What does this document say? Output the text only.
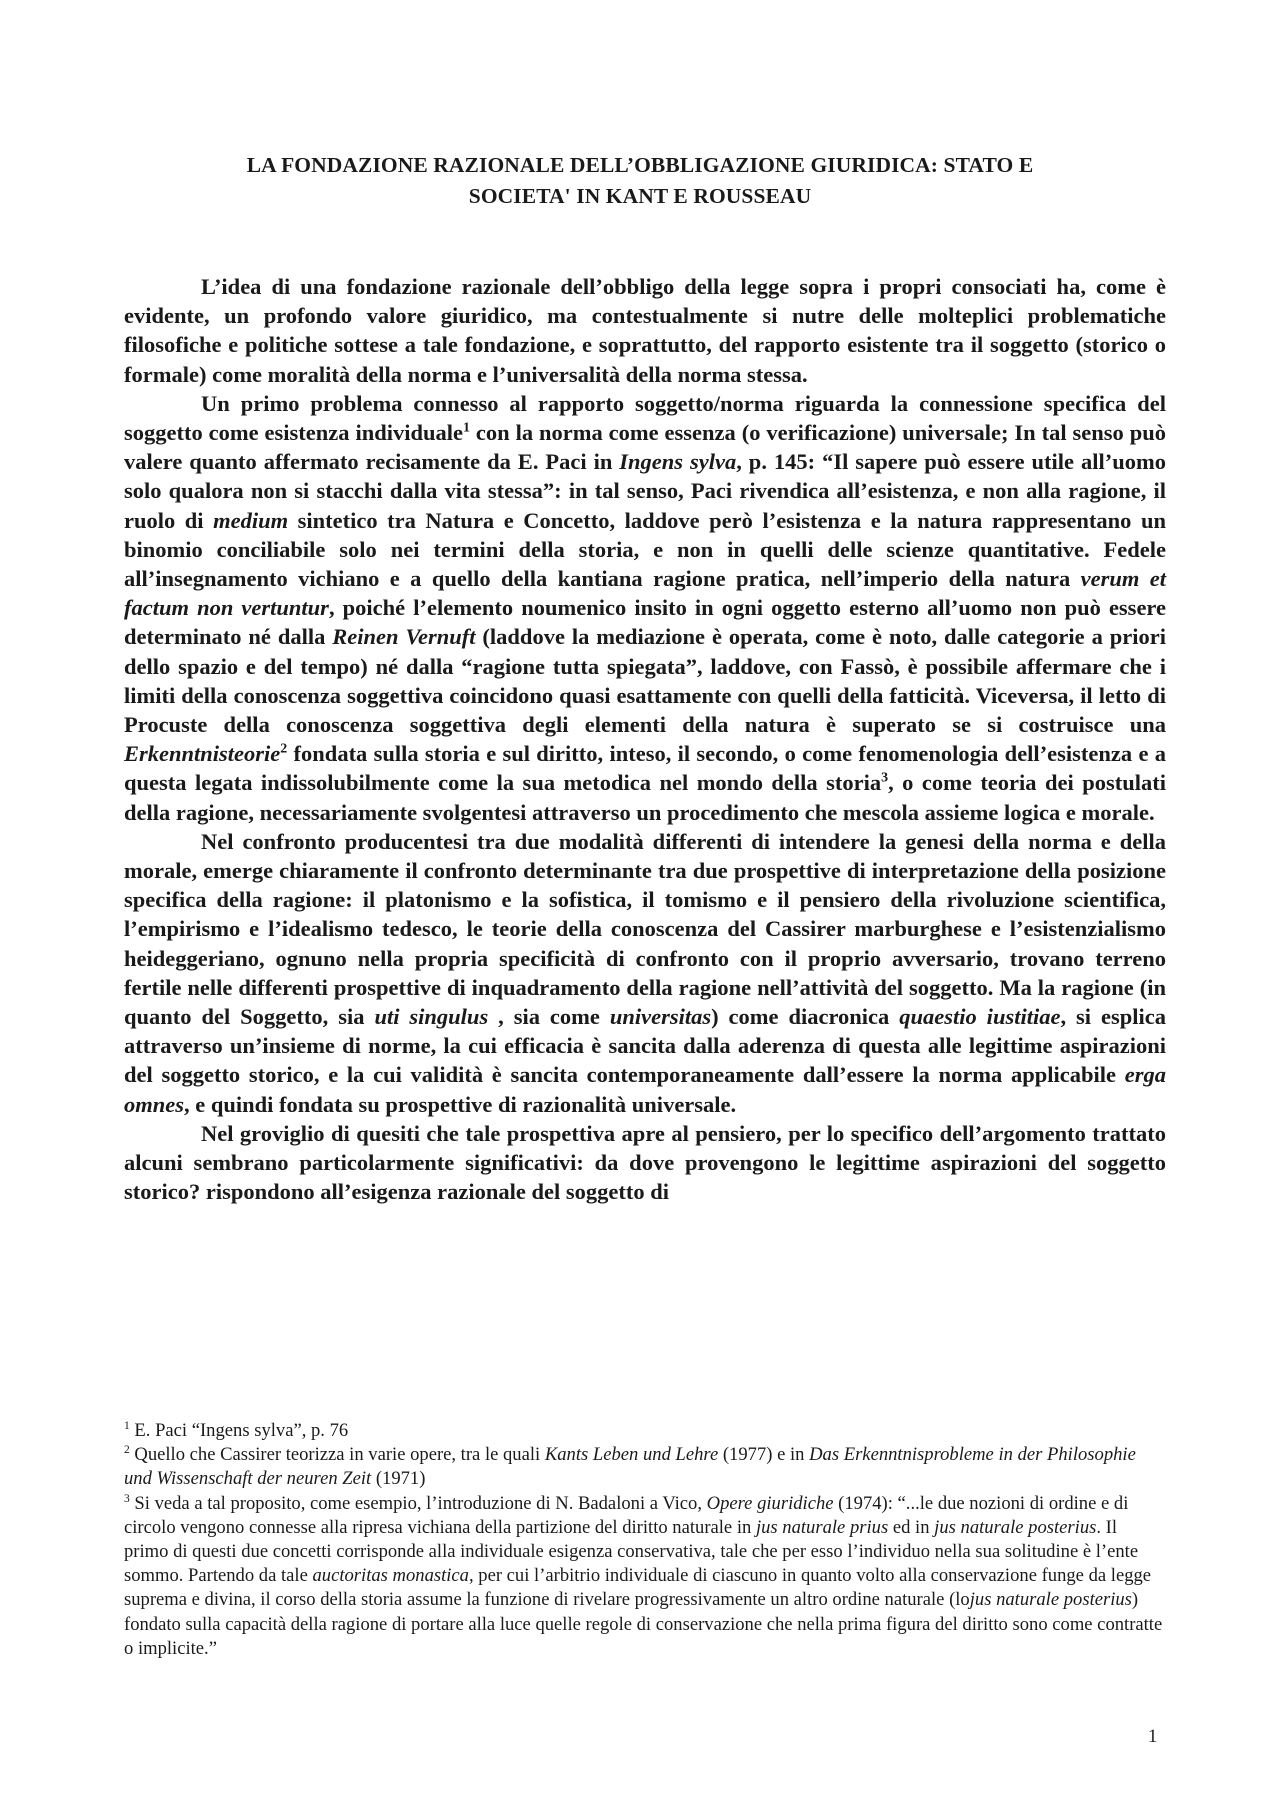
LA FONDAZIONE RAZIONALE DELL’OBBLIGAZIONE GIURIDICA: STATO E
SOCIETA' IN KANT E ROUSSEAU

L’idea di una fondazione razionale dell’obbligo della legge sopra i propri consociati ha, come è evidente, un profondo valore giuridico, ma contestualmente si nutre delle molteplici problematiche filosofiche e politiche sottese a tale fondazione, e soprattutto, del rapporto esistente tra il soggetto (storico o formale) come moralità della norma e l’universalità della norma stessa.

Un primo problema connesso al rapporto soggetto/norma riguarda la connessione specifica del soggetto come esistenza individuale$^1$ con la norma come essenza (o verificazione) universale; In tal senso può valere quanto affermato recisamente da E. Paci in Ingens sylva, p. 145: “Il sapere può essere utile all’uomo solo qualora non si stacchi dalla vita stessa”: in tal senso, Paci rivendica all’esistenza, e non alla ragione, il ruolo di medium sintetico tra Natura e Concetto, laddove però l’esistenza e la natura rappresentano un binomio conciliabile solo nei termini della storia, e non in quelli delle scienze quantitative. Fedele all’insegnamento vichiano e a quello della kantiana ragione pratica, nell’imperio della natura verum et factum non vertuntur, poiché l’elemento noumenico insito in ogni oggetto esterno all’uomo non può essere determinato né dalla Reinen Vernuft (laddove la mediazione è operata, come è noto, dalle categorie a priori dello spazio e del tempo) né dalla “ragione tutta spiegata”, laddove, con Fassò, è possibile affermare che i limiti della conoscenza soggettiva coincidono quasi esattamente con quelli della fatticità. Viceversa, il letto di Procuste della conoscenza soggettiva degli elementi della natura è superato se si costruisce una Erkenntnisteorie$^2$ fondata sulla storia e sul diritto, inteso, il secondo, o come fenomenologia dell’esistenza e a questa legata indissolubilmente come la sua metodica nel mondo della storia$^3$, o come teoria dei postulati della ragione, necessariamente svolgentesi attraverso un procedimento che mescola assieme logica e morale.

Nel confronto producentesi tra due modalità differenti di intendere la genesi della norma e della morale, emerge chiaramente il confronto determinante tra due prospettive di interpretazione della posizione specifica della ragione: il platonismo e la sofistica, il tomismo e il pensiero della rivoluzione scientifica, l’empirismo e l’idealismo tedesco, le teorie della conoscenza del Cassirer marburghese e l’esistenzialismo heideggeriano, ognuno nella propria specificità di confronto con il proprio avversario, trovano terreno fertile nelle differenti prospettive di inquadramento della ragione nell’attività del soggetto. Ma la ragione (in quanto del Soggetto, sia uti singulus , sia come universitas) come diacronica quaestio iustitiae, si esplica attraverso un’insieme di norme, la cui efficacia è sancita dalla aderenza di questa alle legittime aspirazioni del soggetto storico, e la cui validità è sancita contemporaneamente dall’essere la norma applicabile erga omnes, e quindi fondata su prospettive di razionalità universale.

Nel groviglio di quesiti che tale prospettiva apre al pensiero, per lo specifico dell’argomento trattato alcuni sembrano particolarmente significativi: da dove provengono le legittime aspirazioni del soggetto storico? rispondono all’esigenza razionale del soggetto di

$^1$ E. Paci “Ingens sylva”, p. 76

$^2$ Quello che Cassirer teorizza in varie opere, tra le quali Kants Leben und Lehre (1977) e in Das Erkenntnisprobleme in der Philosophie und Wissenschaft der neuren Zeit (1971)

$^3$ Si veda a tal proposito, come esempio, l’introduzione di N. Badaloni a Vico, Opere giuridiche (1974): “...le due nozioni di ordine e di circolo vengono connesse alla ripresa vichiana della partizione del diritto naturale in jus naturale prius ed in jus naturale posterius. Il primo di questi due concetti corrisponde alla individuale esigenza conservativa, tale che per esso l’individuo nella sua solitudine è l’ente sommo. Partendo da tale auctoritas monastica, per cui l’arbitrio individuale di ciascuno in quanto volto alla conservazione funge da legge suprema e divina, il corso della storia assume la funzione di rivelare progressivamente un altro ordine naturale (lojus naturale posterius) fondato sulla capacità della ragione di portare alla luce quelle regole di conservazione che nella prima figura del diritto sono come contratte o implicite.”

1
